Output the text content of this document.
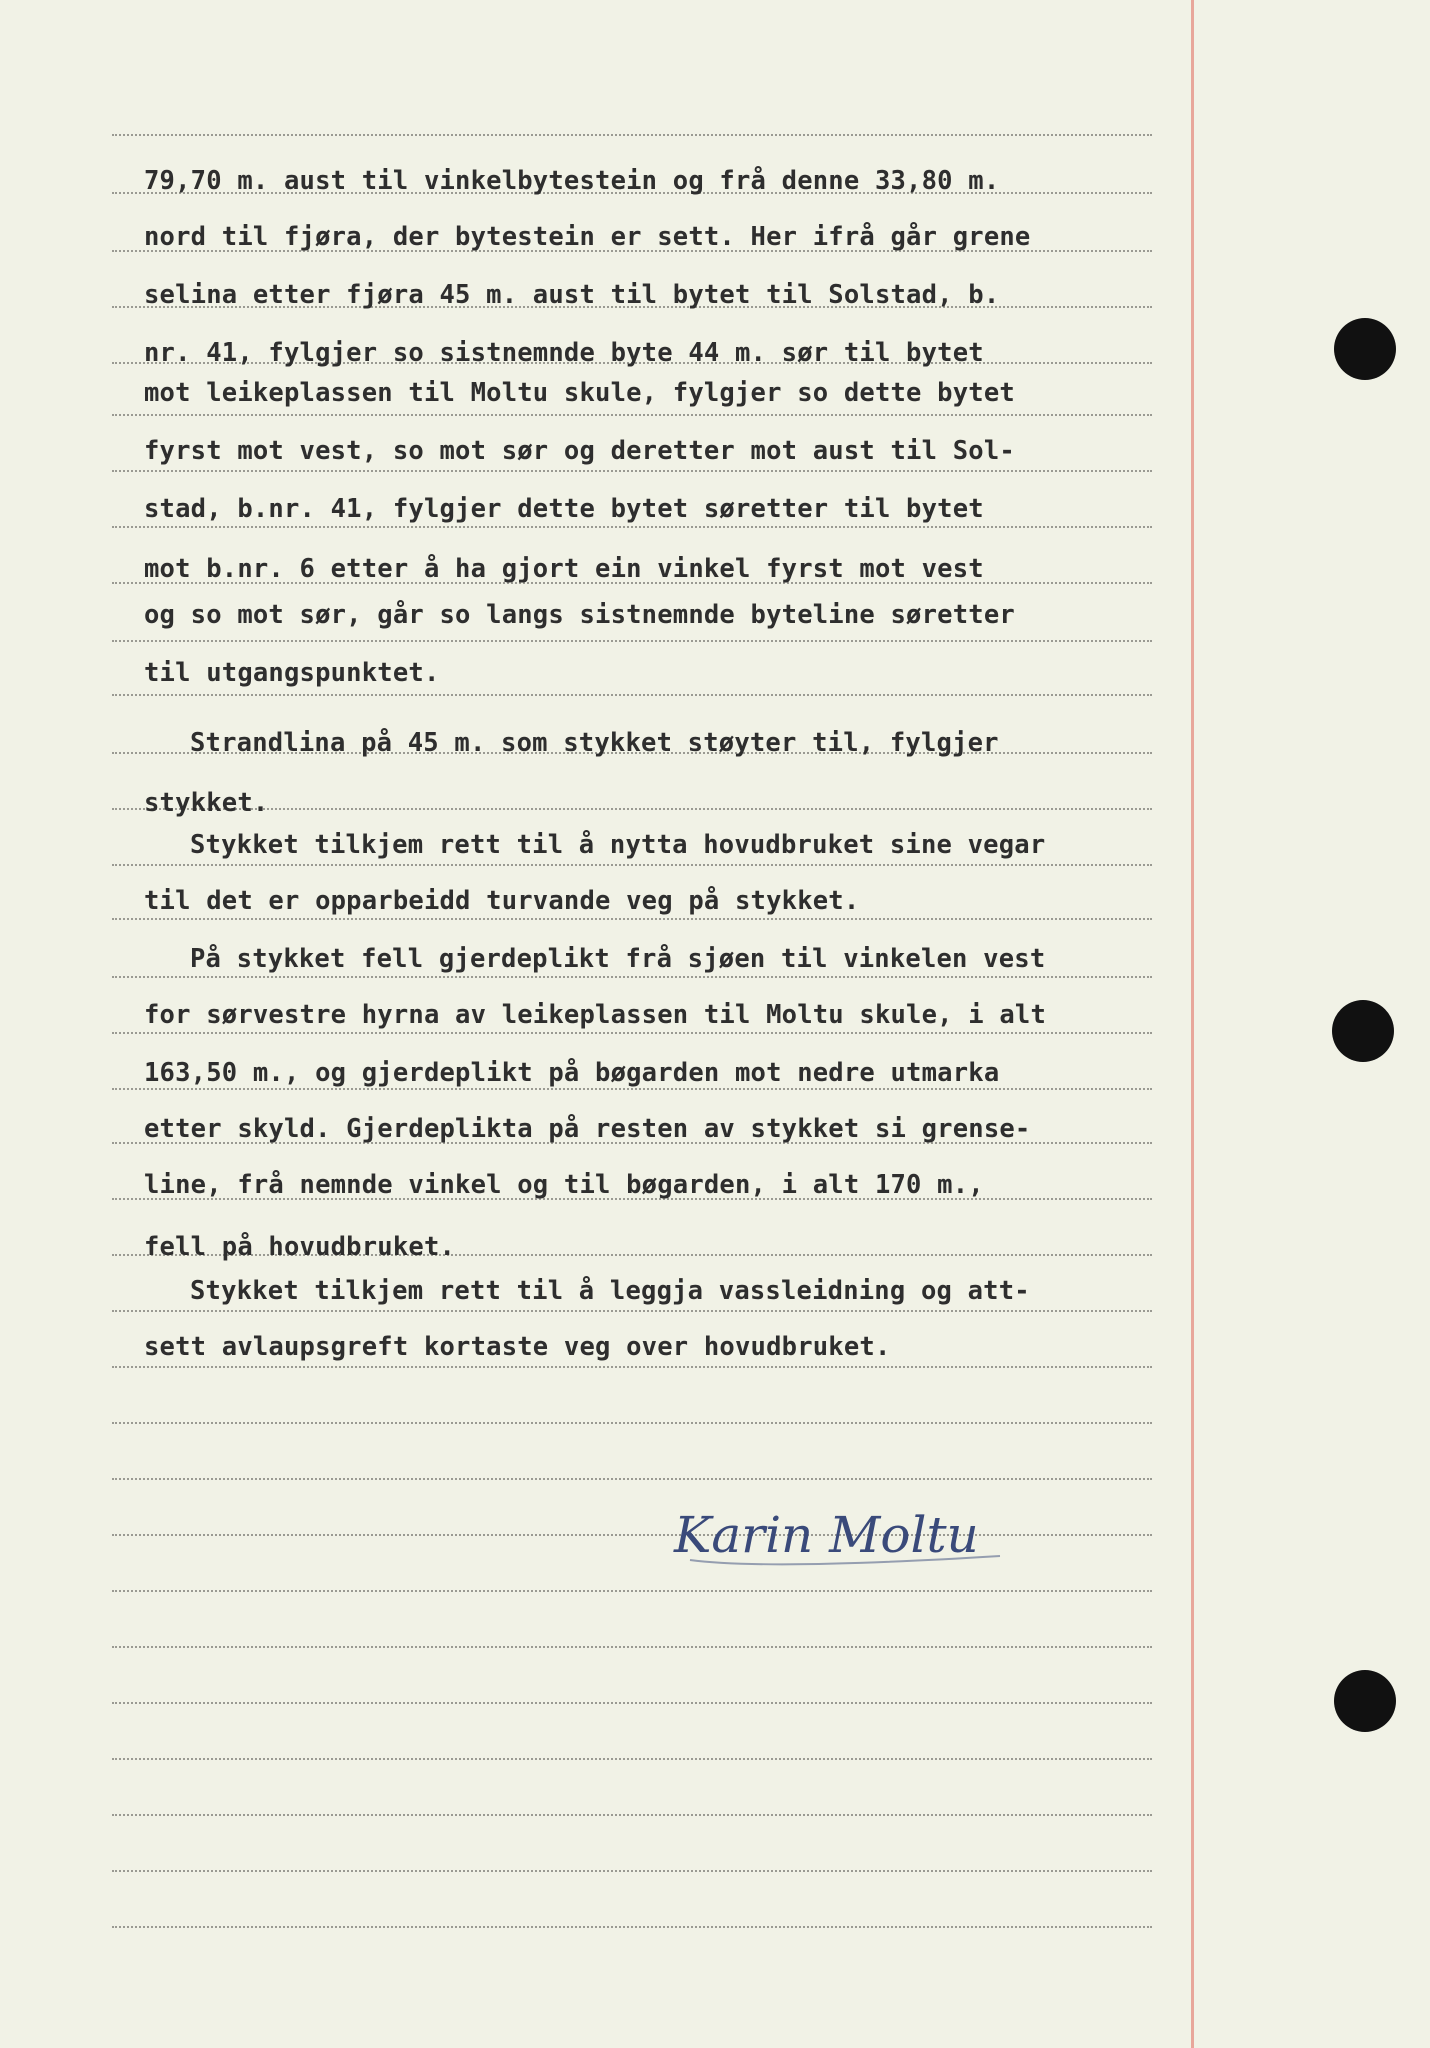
79,70 m. aust til vinkelbytestein og frå denne 33,80 m.
nord til fjøra, der bytestein er sett. Her ifrå går grene
selina etter fjøra 45 m. aust til bytet til Solstad, b.
nr. 41, fylgjer so sistnemnde byte 44 m. sør til bytet
mot leikeplassen til Moltu skule, fylgjer so dette bytet
fyrst mot vest, so mot sør og deretter mot aust til Sol-
stad, b.nr. 41, fylgjer dette bytet søretter til bytet
mot b.nr. 6 etter å ha gjort ein vinkel fyrst mot vest
og so mot sør, går so langs sistnemnde byteline søretter
til utgangspunktet.
Strandlina på 45 m. som stykket støyter til, fylgjer
stykket.
Stykket tilkjem rett til å nytta hovudbruket sine vegar
til det er opparbeidd turvande veg på stykket.
På stykket fell gjerdeplikt frå sjøen til vinkelen vest
for sørvestre hyrna av leikeplassen til Moltu skule, i alt
163,50 m., og gjerdeplikt på bøgarden mot nedre utmarka
etter skyld. Gjerdeplikta på resten av stykket si grense-
line, frå nemnde vinkel og til bøgarden, i alt 170 m.,
fell på hovudbruket.
Stykket tilkjem rett til å leggja vassleidning og att-
sett avlaupsgreft kortaste veg over hovudbruket.
Karin Moltu
